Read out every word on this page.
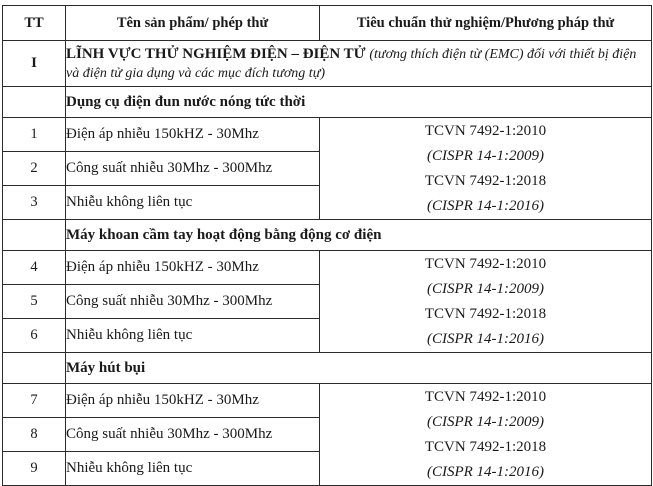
TT	Tên sản phẩm/ phép thử	Tiêu chuẩn thử nghiệm/Phương pháp thử
I	LĨNH VỰC THỬ NGHIỆM ĐIỆN – ĐIỆN TỬ (tương thích điện từ (EMC) đối với thiết bị điện và điện tử gia dụng và các mục đích tương tự)	
	Dụng cụ điện đun nước nóng tức thời	
1	Điện áp nhiễu 150kHZ - 30Mhz	TCVN 7492-1:2010
(CISPR 14-1:2009)
TCVN 7492-1:2018
(CISPR 14-1:2016)

2	Công suất nhiễu 30Mhz - 300Mhz	
3	Nhiễu không liên tục	
	Máy khoan cầm tay hoạt động bằng động cơ điện	
4	Điện áp nhiễu 150kHZ - 30Mhz	TCVN 7492-1:2010
(CISPR 14-1:2009)
TCVN 7492-1:2018
(CISPR 14-1:2016)

5	Công suất nhiễu 30Mhz - 300Mhz	
6	Nhiễu không liên tục	
	Máy hút bụi	
7	Điện áp nhiễu 150kHZ - 30Mhz	TCVN 7492-1:2010
(CISPR 14-1:2009)
TCVN 7492-1:2018
(CISPR 14-1:2016)

8	Công suất nhiễu 30Mhz - 300Mhz	
9	Nhiễu không liên tục	
